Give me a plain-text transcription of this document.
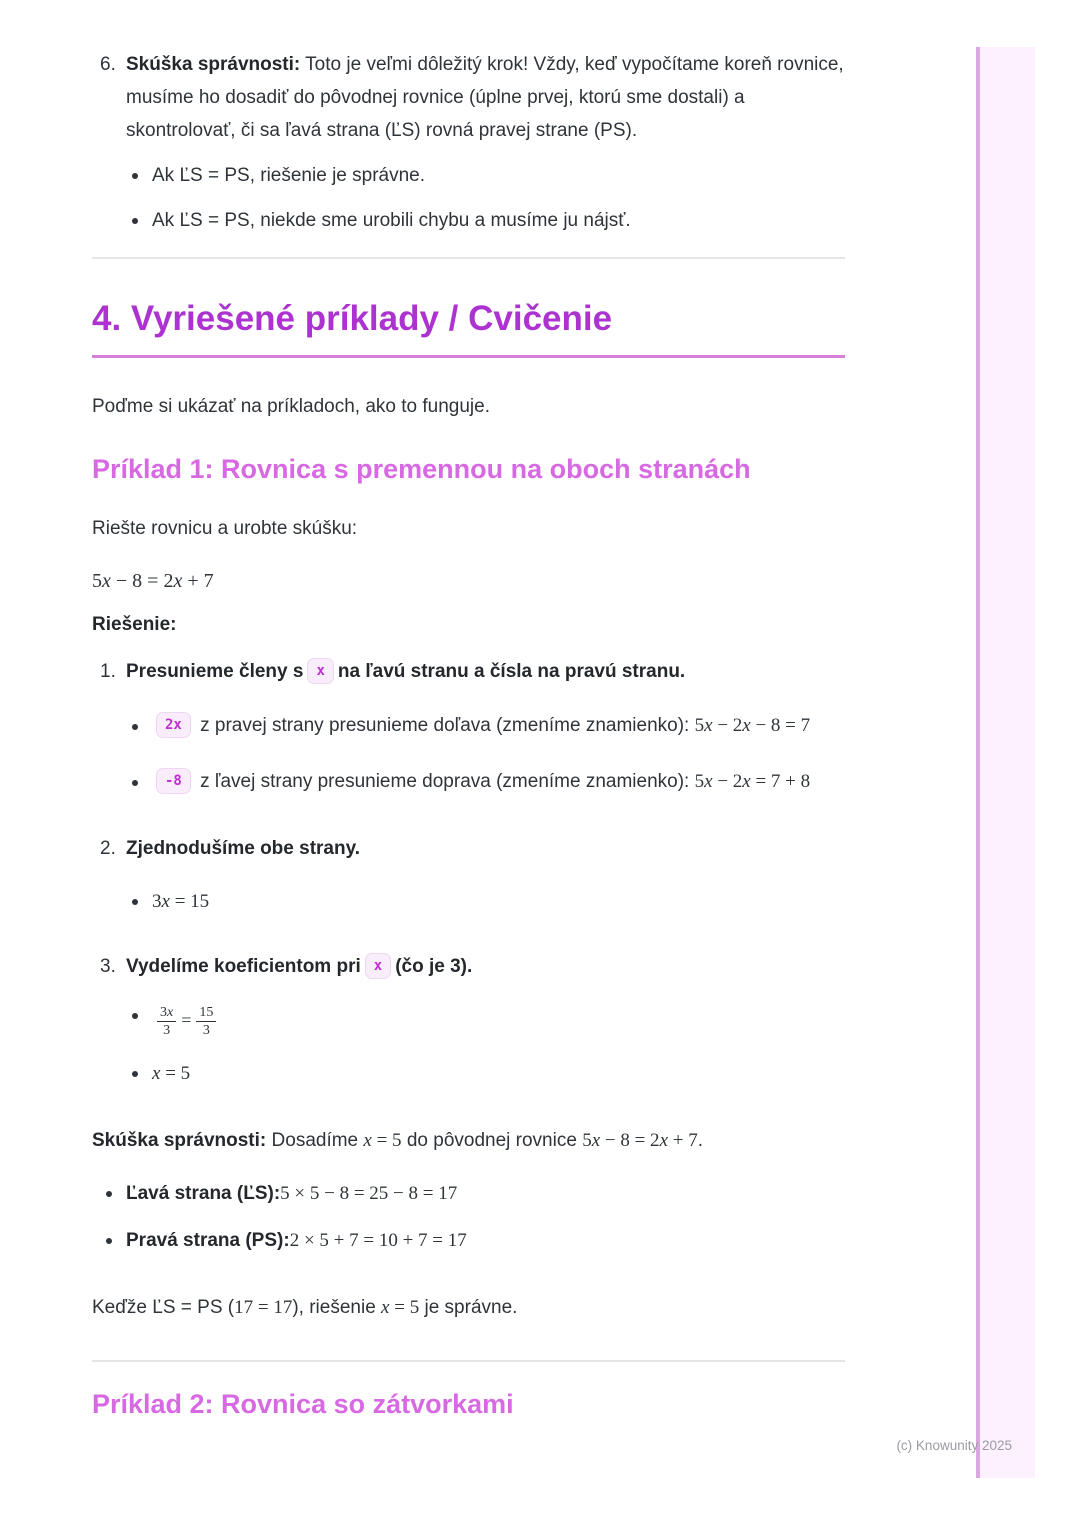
6. Skúška správnosti: Toto je veľmi dôležitý krok! Vždy, keď vypočítame koreň rovnice, musíme ho dosadiť do pôvodnej rovnice (úplne prvej, ktorú sme dostali) a skontrolovať, či sa ľavá strana (ĽS) rovná pravej strane (PS).

Ak ĽS = PS, riešenie je správne.
Ak ĽS = PS, niekde sme urobili chybu a musíme ju nájsť.
4. Vyriešené príklady / Cvičenie

Poďme si ukázať na príkladoch, ako to funguje.

Príklad 1: Rovnica s premennou na oboch stranách

Riešte rovnicu a urobte skúšku:

5x − 8 = 2x + 7

Riešenie:

1. Presunieme členy s x na ľavú stranu a čísla na pravú stranu.

2x z pravej strany presunieme doľava (zmeníme znamienko): 5x − 2x − 8 = 7
-8 z ľavej strany presunieme doprava (zmeníme znamienko): 5x − 2x = 7 + 8
2. Zjednodušíme obe strany.

3x = 15
3. Vydelíme koeficientom pri x (čo je 3).

$\frac{3x}{3} = \frac{15}{3}$
x = 5

Skúška správnosti: Dosadíme x = 5 do pôvodnej rovnice 5x − 8 = 2x + 7.

Ľavá strana (ĽS):5 × 5 − 8 = 25 − 8 = 17
Pravá strana (PS):2 × 5 + 7 = 10 + 7 = 17

Keďže ĽS = PS (17 = 17), riešenie x = 5 je správne.

Príklad 2: Rovnica so zátvorkami
(c) Knowunity 2025
